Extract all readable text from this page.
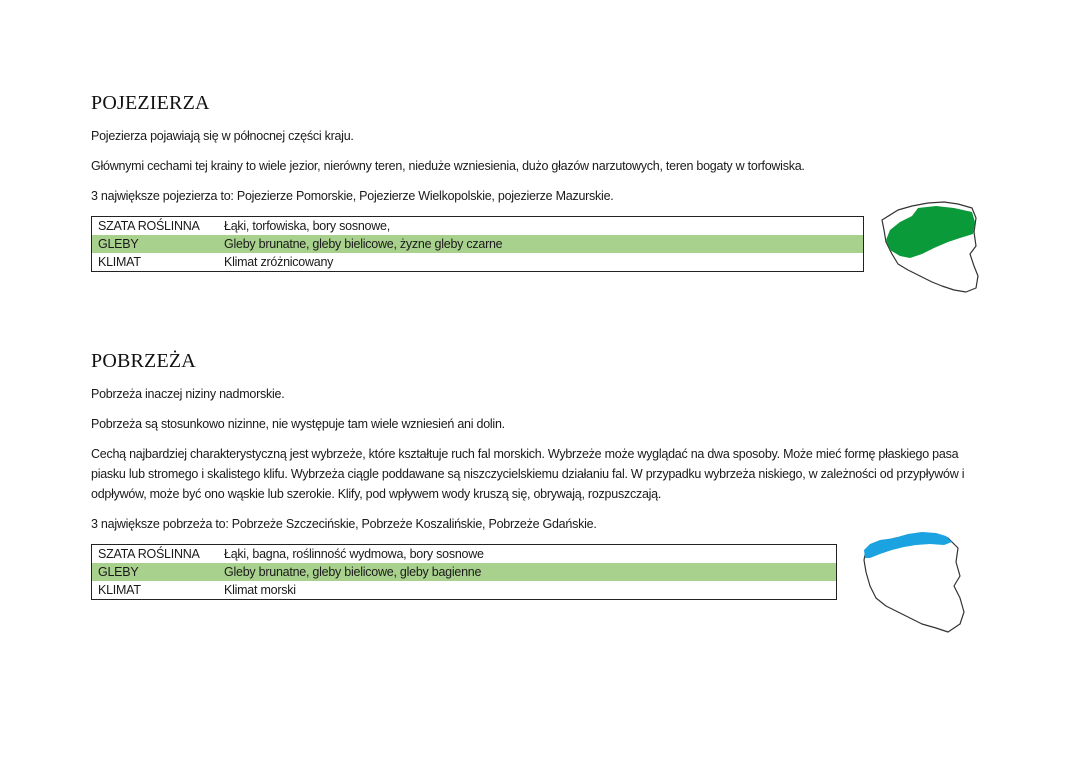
POJEZIERZA

Pojezierza pojawiają się w północnej części kraju.

Głównymi cechami tej krainy to wiele jezior, nierówny teren, nieduże wzniesienia, dużo głazów narzutowych, teren bogaty w torfowiska.

3 największe pojezierza to: Pojezierze Pomorskie, Pojezierze Wielkopolskie, pojezierze Mazurskie.

SZATA ROŚLINNA	Łąki, torfowiska, bory sosnowe,
GLEBY	Gleby brunatne, gleby bielicowe, żyzne gleby czarne
KLIMAT	Klimat zróżnicowany
POBRZEŻA

Pobrzeża inaczej niziny nadmorskie.

Pobrzeża są stosunkowo nizinne, nie występuje tam wiele wzniesień ani dolin.

Cechą najbardziej charakterystyczną jest wybrzeże, które kształtuje ruch fal morskich. Wybrzeże może wyglądać na dwa sposoby. Może mieć formę płaskiego pasa piasku lub stromego i skalistego klifu. Wybrzeża ciągle poddawane są niszczycielskiemu działaniu fal. W przypadku wybrzeża niskiego, w zależności od przypływów i odpływów, może być ono wąskie lub szerokie. Klify, pod wpływem wody kruszą się, obrywają, rozpuszczają.

3 największe pobrzeża to: Pobrzeże Szczecińskie, Pobrzeże Koszalińskie, Pobrzeże Gdańskie.

SZATA ROŚLINNA	Łąki, bagna, roślinność wydmowa, bory sosnowe
GLEBY	Gleby brunatne, gleby bielicowe, gleby bagienne
KLIMAT	Klimat morski
